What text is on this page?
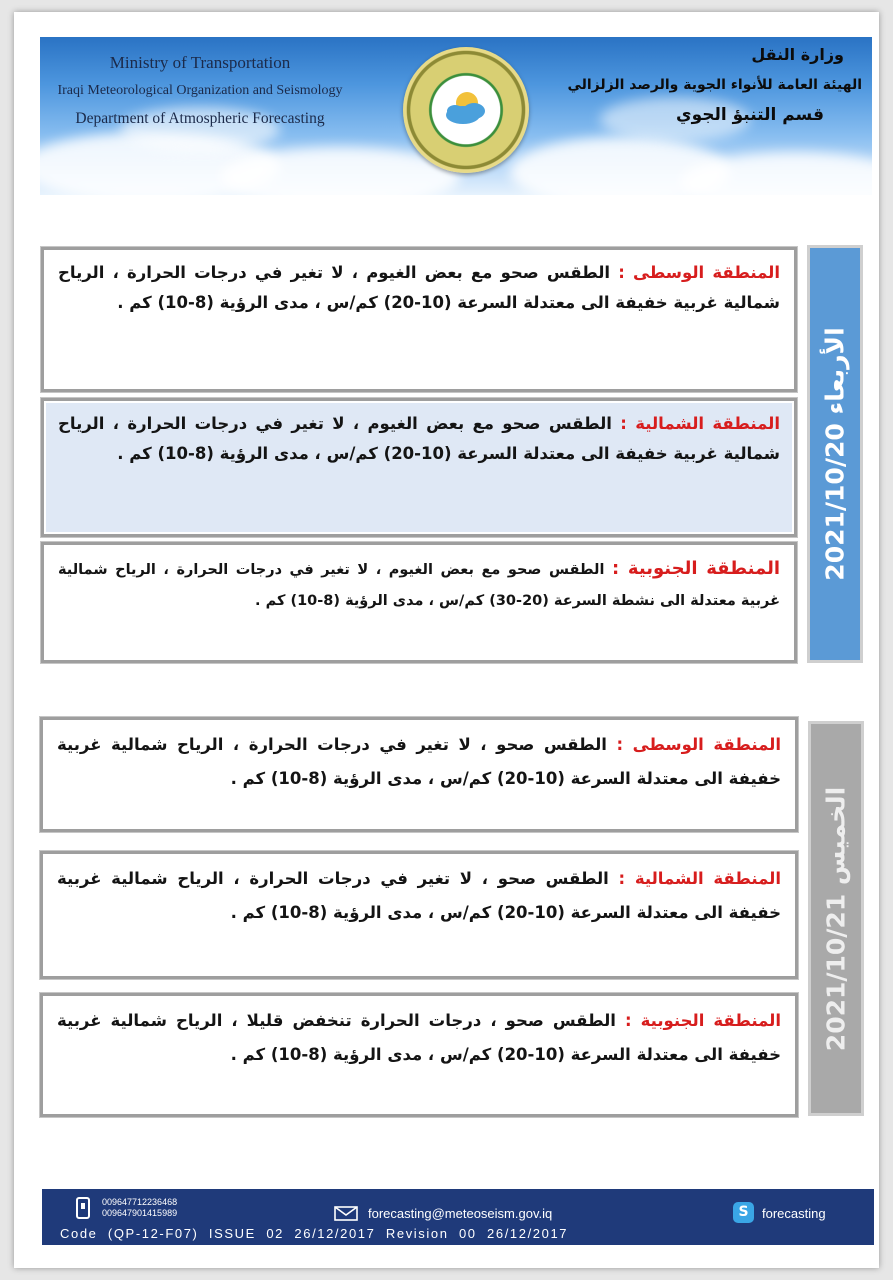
Ministry of Transportation
Iraqi Meteorological Organization and Seismology
Department of Atmospheric Forecasting
وزارة النقل
الهيئة العامة للأنواء الجوية والرصد الزلزالي
قسم التنبؤ الجوي
المنطقة الوسطى : الطقس صحو مع بعض الغيوم ، لا تغير في درجات الحرارة ، الرياح شمالية غربية خفيفة الى معتدلة السرعة (10-20) كم/س ، مدى الرؤية (8-10) كم .
المنطقة الشمالية : الطقس صحو مع بعض الغيوم ، لا تغير في درجات الحرارة ، الرياح شمالية غربية خفيفة الى معتدلة السرعة (10-20) كم/س ، مدى الرؤية (8-10) كم .
المنطقة الجنوبية : الطقس صحو مع بعض الغيوم ، لا تغير في درجات الحرارة ، الرياح شمالية غربية معتدلة الى نشطة السرعة (20-30) كم/س ، مدى الرؤية (8-10) كم .
الأربعاء 2021/10/20
المنطقة الوسطى : الطقس صحو ، لا تغير في درجات الحرارة ، الرياح شمالية غربية خفيفة الى معتدلة السرعة (10-20) كم/س ، مدى الرؤية (8-10) كم .
المنطقة الشمالية : الطقس صحو ، لا تغير في درجات الحرارة ، الرياح شمالية غربية خفيفة الى معتدلة السرعة (10-20) كم/س ، مدى الرؤية (8-10) كم .
المنطقة الجنوبية : الطقس صحو ، درجات الحرارة تنخفض قليلا ، الرياح شمالية غربية خفيفة الى معتدلة السرعة (10-20) كم/س ، مدى الرؤية (8-10) كم .
الخميس 2021/10/21
009647712236468
009647901415989	forecasting@meteoseism.gov.iq	S	forecasting
Code  (QP-12-F07)  ISSUE  02  26/12/2017  Revision  00  26/12/2017
